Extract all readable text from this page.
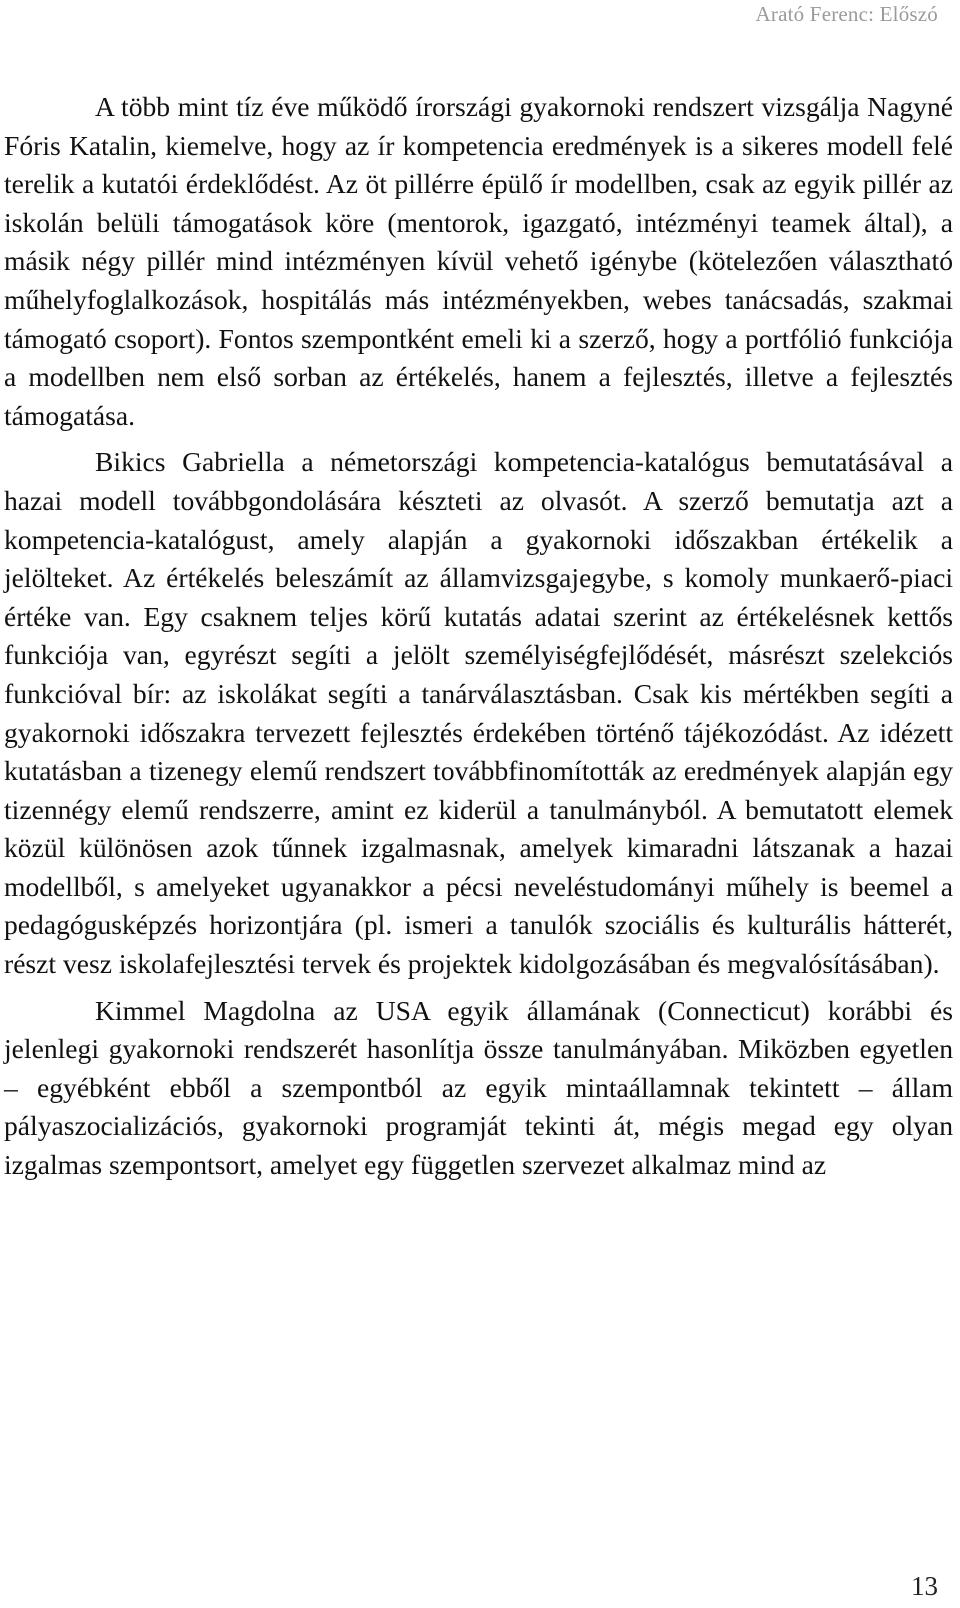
Arató Ferenc: Előszó

A több mint tíz éve működő írországi gyakornoki rendszert vizsgálja Nagyné Fóris Katalin, kiemelve, hogy az ír kompetencia eredmények is a sikeres modell felé terelik a kutatói érdeklődést. Az öt pillérre épülő ír modellben, csak az egyik pillér az iskolán belüli támogatások köre (mentorok, igazgató, intézményi teamek által), a másik négy pillér mind intézményen kívül vehető igénybe (kötelezően választható műhelyfoglalkozások, hospitálás más intézményekben, webes tanácsadás, szakmai támogató csoport). Fontos szempontként emeli ki a szerző, hogy a portfólió funkciója a modellben nem első sorban az értékelés, hanem a fejlesztés, illetve a fejlesztés támogatása.

Bikics Gabriella a németországi kompetencia-katalógus bemutatásával a hazai modell továbbgondolására készteti az olvasót. A szerző bemutatja azt a kompetencia-katalógust, amely alapján a gyakornoki időszakban értékelik a jelölteket. Az értékelés beleszámít az államvizsgajegybe, s komoly munkaerő-piaci értéke van. Egy csaknem teljes körű kutatás adatai szerint az értékelésnek kettős funkciója van, egyrészt segíti a jelölt személyiségfejlődését, másrészt szelekciós funkcióval bír: az iskolákat segíti a tanárválasztásban. Csak kis mértékben segíti a gyakornoki időszakra tervezett fejlesztés érdekében történő tájékozódást. Az idézett kutatásban a tizenegy elemű rendszert továbbfinomították az eredmények alapján egy tizennégy elemű rendszerre, amint ez kiderül a tanulmányból. A bemutatott elemek közül különösen azok tűnnek izgalmasnak, amelyek kimaradni látszanak a hazai modellből, s amelyeket ugyanakkor a pécsi neveléstudományi műhely is beemel a pedagógusképzés horizontjára (pl. ismeri a tanulók szociális és kulturális hátterét, részt vesz iskolafejlesztési tervek és projektek kidolgozásában és megvalósításában).

Kimmel Magdolna az USA egyik államának (Connecticut) korábbi és jelenlegi gyakornoki rendszerét hasonlítja össze tanulmányában. Miközben egyetlen – egyébként ebből a szempontból az egyik mintaállamnak tekintett – állam pályaszocializációs, gyakornoki programját tekinti át, mégis megad egy olyan izgalmas szempontsort, amelyet egy független szervezet alkalmaz mind az

13
